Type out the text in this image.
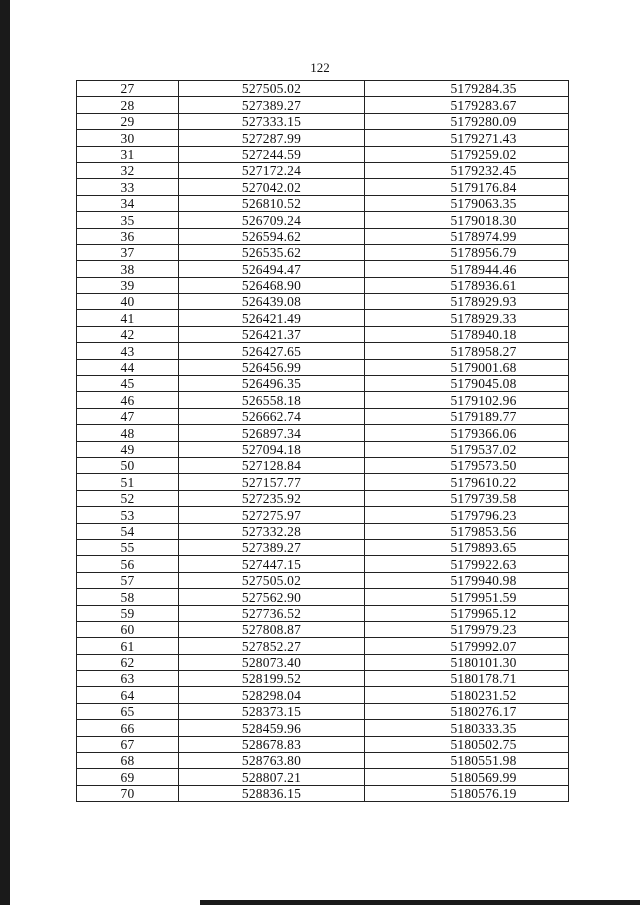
122
27	527505.02	5179284.35
28	527389.27	5179283.67
29	527333.15	5179280.09
30	527287.99	5179271.43
31	527244.59	5179259.02
32	527172.24	5179232.45
33	527042.02	5179176.84
34	526810.52	5179063.35
35	526709.24	5179018.30
36	526594.62	5178974.99
37	526535.62	5178956.79
38	526494.47	5178944.46
39	526468.90	5178936.61
40	526439.08	5178929.93
41	526421.49	5178929.33
42	526421.37	5178940.18
43	526427.65	5178958.27
44	526456.99	5179001.68
45	526496.35	5179045.08
46	526558.18	5179102.96
47	526662.74	5179189.77
48	526897.34	5179366.06
49	527094.18	5179537.02
50	527128.84	5179573.50
51	527157.77	5179610.22
52	527235.92	5179739.58
53	527275.97	5179796.23
54	527332.28	5179853.56
55	527389.27	5179893.65
56	527447.15	5179922.63
57	527505.02	5179940.98
58	527562.90	5179951.59
59	527736.52	5179965.12
60	527808.87	5179979.23
61	527852.27	5179992.07
62	528073.40	5180101.30
63	528199.52	5180178.71
64	528298.04	5180231.52
65	528373.15	5180276.17
66	528459.96	5180333.35
67	528678.83	5180502.75
68	528763.80	5180551.98
69	528807.21	5180569.99
70	528836.15	5180576.19
